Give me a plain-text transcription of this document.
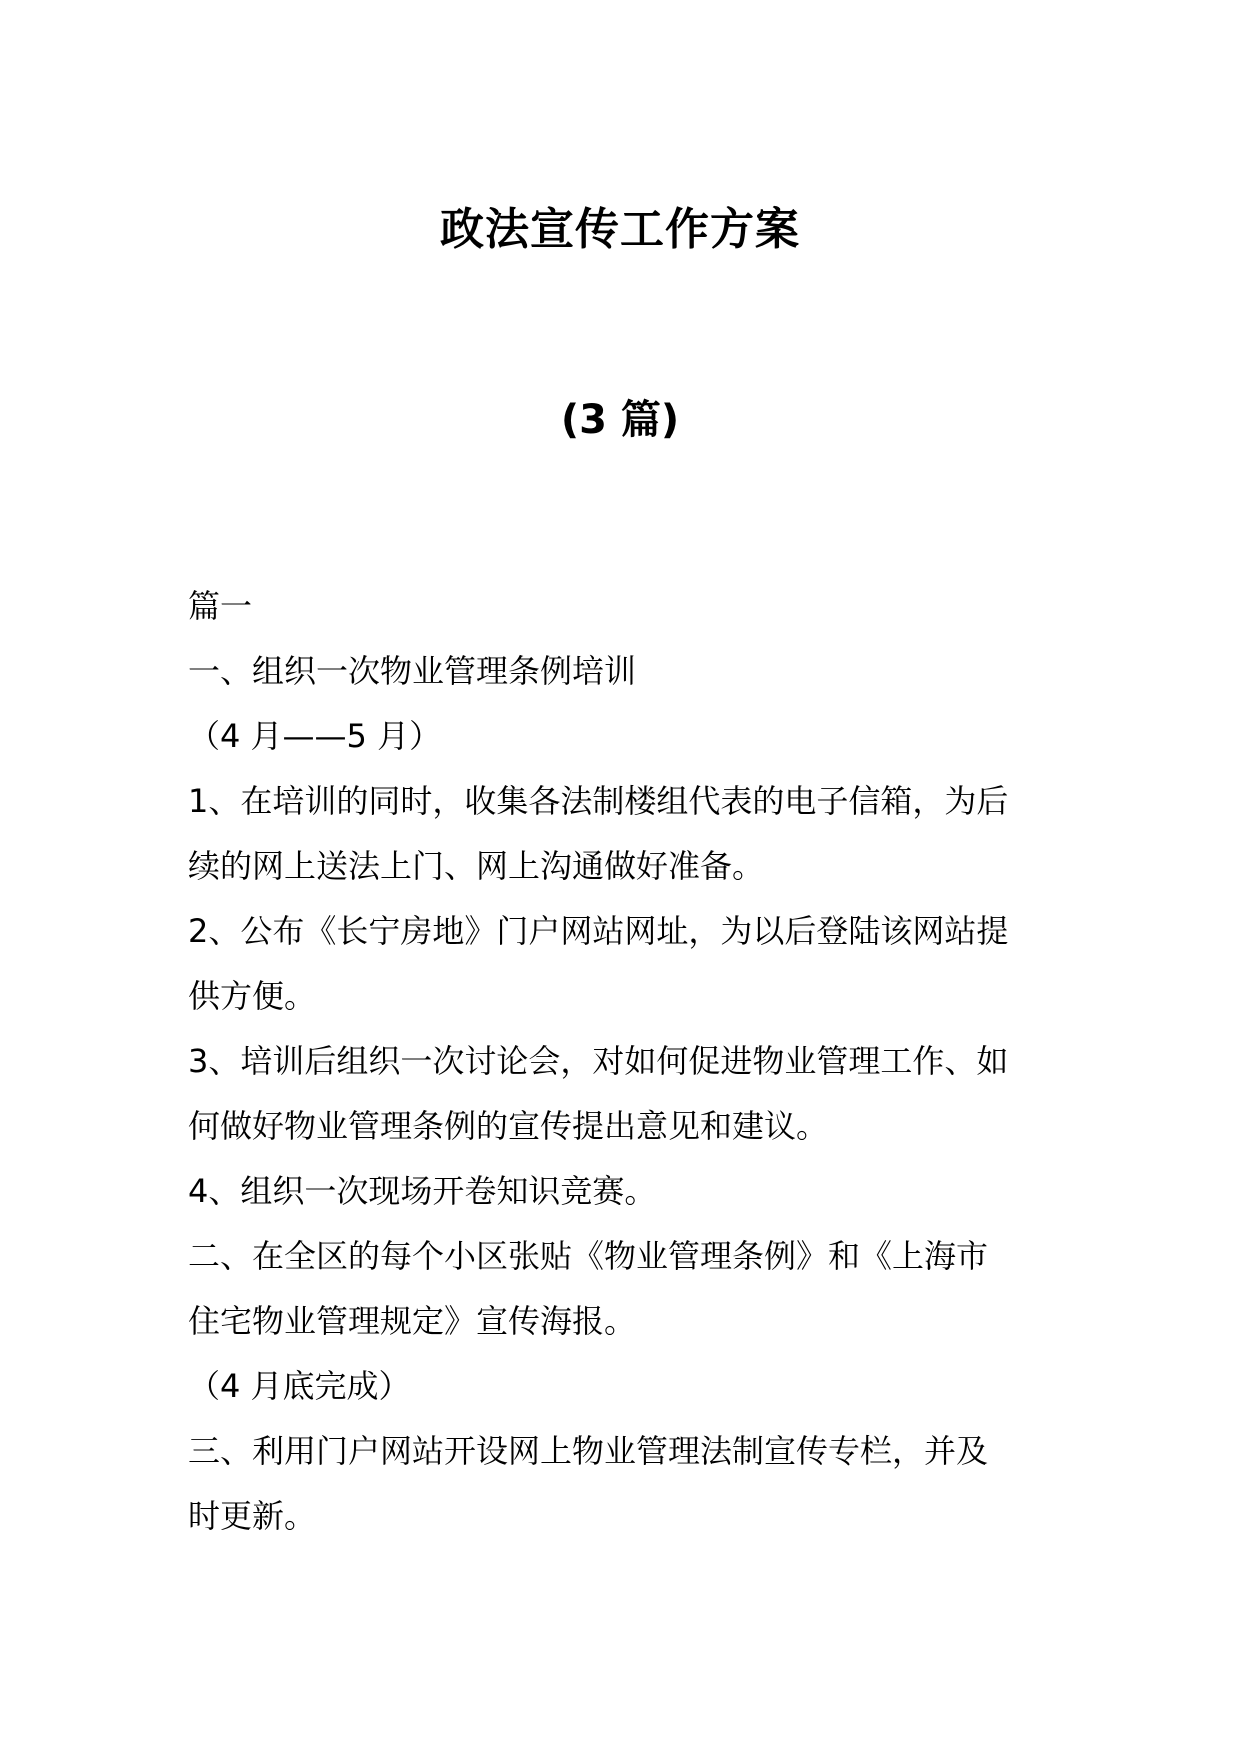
政法宣传工作方案
(3 篇)
篇一
一、组织一次物业管理条例培训
（4 月——5 月）
1、在培训的同时，收集各法制楼组代表的电子信箱，为后
续的网上送法上门、网上沟通做好准备。
2、公布《长宁房地》门户网站网址，为以后登陆该网站提
供方便。
3、培训后组织一次讨论会，对如何促进物业管理工作、如
何做好物业管理条例的宣传提出意见和建议。
4、组织一次现场开卷知识竞赛。
二、在全区的每个小区张贴《物业管理条例》和《上海市
住宅物业管理规定》宣传海报。
（4 月底完成）
三、利用门户网站开设网上物业管理法制宣传专栏，并及
时更新。
